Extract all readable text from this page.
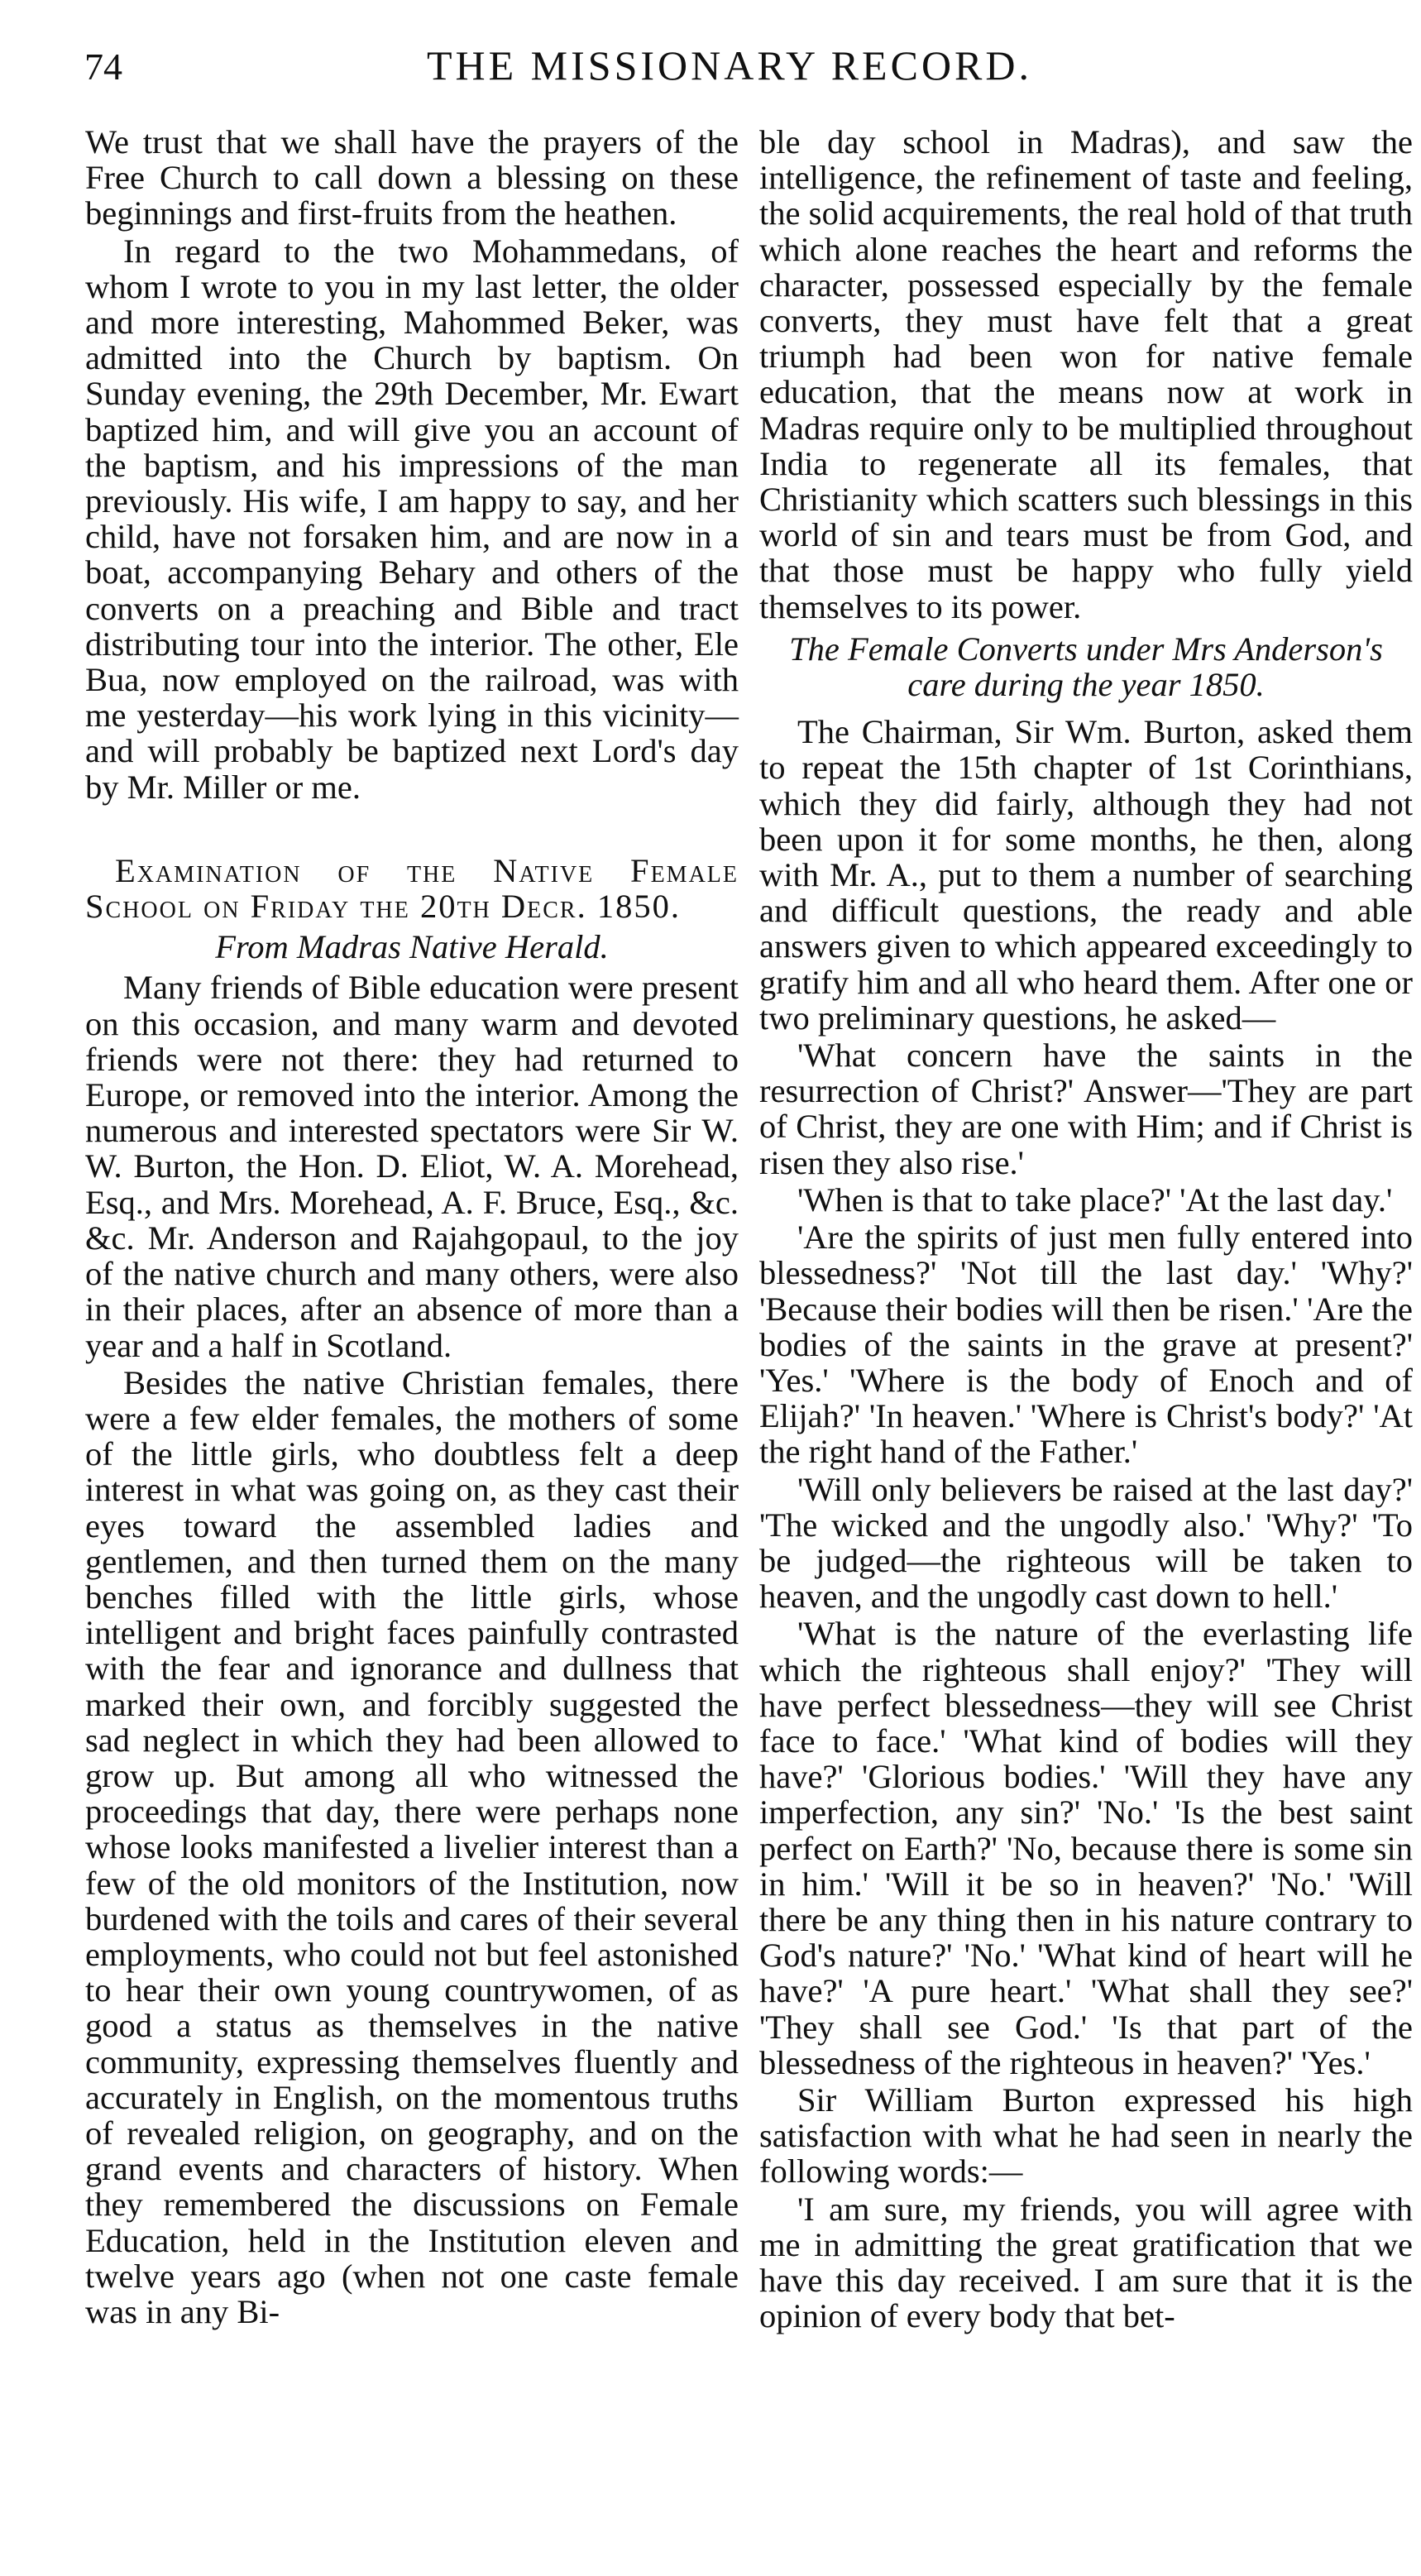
74	THE MISSIONARY RECORD.

We trust that we shall have the prayers of the Free Church to call down a blessing on these beginnings and first-fruits from the heathen.

In regard to the two Mohammedans, of whom I wrote to you in my last letter, the older and more interesting, Mahommed Beker, was admitted into the Church by baptism. On Sunday evening, the 29th December, Mr. Ewart baptized him, and will give you an account of the baptism, and his impressions of the man previously. His wife, I am happy to say, and her child, have not forsaken him, and are now in a boat, accompanying Behary and others of the converts on a preaching and Bible and tract distributing tour into the interior. The other, Ele Bua, now employed on the railroad, was with me yesterday—his work lying in this vicinity—and will probably be baptized next Lord's day by Mr. Miller or me.

Examination of the Native Female School on Friday the 20th Decr. 1850.

From Madras Native Herald.

Many friends of Bible education were present on this occasion, and many warm and devoted friends were not there: they had returned to Europe, or removed into the interior. Among the numerous and interested spectators were Sir W. W. Burton, the Hon. D. Eliot, W. A. Morehead, Esq., and Mrs. Morehead, A. F. Bruce, Esq., &c. &c. Mr. Anderson and Rajahgopaul, to the joy of the native church and many others, were also in their places, after an absence of more than a year and a half in Scotland.

Besides the native Christian females, there were a few elder females, the mothers of some of the little girls, who doubtless felt a deep interest in what was going on, as they cast their eyes toward the assembled ladies and gentlemen, and then turned them on the many benches filled with the little girls, whose intelligent and bright faces painfully contrasted with the fear and ignorance and dullness that marked their own, and forcibly suggested the sad neglect in which they had been allowed to grow up. But among all who witnessed the proceedings that day, there were perhaps none whose looks manifested a livelier interest than a few of the old monitors of the Institution, now burdened with the toils and cares of their several employments, who could not but feel astonished to hear their own young countrywomen, of as good a status as themselves in the native community, expressing themselves fluently and accurately in English, on the momentous truths of revealed religion, on geography, and on the grand events and characters of history. When they remembered the discussions on Female Education, held in the Institution eleven and twelve years ago (when not one caste female was in any Bi-

ble day school in Madras), and saw the intelligence, the refinement of taste and feeling, the solid acquirements, the real hold of that truth which alone reaches the heart and reforms the character, possessed especially by the female converts, they must have felt that a great triumph had been won for native female education, that the means now at work in Madras require only to be multiplied throughout India to regenerate all its females, that Christianity which scatters such blessings in this world of sin and tears must be from God, and that those must be happy who fully yield themselves to its power.

The Female Converts under Mrs Anderson's care during the year 1850.

The Chairman, Sir Wm. Burton, asked them to repeat the 15th chapter of 1st Corinthians, which they did fairly, although they had not been upon it for some months, he then, along with Mr. A., put to them a number of searching and difficult questions, the ready and able answers given to which appeared exceedingly to gratify him and all who heard them. After one or two preliminary questions, he asked—

'What concern have the saints in the resurrection of Christ?' Answer—'They are part of Christ, they are one with Him; and if Christ is risen they also rise.'

'When is that to take place?' 'At the last day.'

'Are the spirits of just men fully entered into blessedness?' 'Not till the last day.' 'Why?' 'Because their bodies will then be risen.' 'Are the bodies of the saints in the grave at present?' 'Yes.' 'Where is the body of Enoch and of Elijah?' 'In heaven.' 'Where is Christ's body?' 'At the right hand of the Father.'

'Will only believers be raised at the last day?' 'The wicked and the ungodly also.' 'Why?' 'To be judged—the righteous will be taken to heaven, and the ungodly cast down to hell.'

'What is the nature of the everlasting life which the righteous shall enjoy?' 'They will have perfect blessedness—they will see Christ face to face.' 'What kind of bodies will they have?' 'Glorious bodies.' 'Will they have any imperfection, any sin?' 'No.' 'Is the best saint perfect on Earth?' 'No, because there is some sin in him.' 'Will it be so in heaven?' 'No.' 'Will there be any thing then in his nature contrary to God's nature?' 'No.' 'What kind of heart will he have?' 'A pure heart.' 'What shall they see?' 'They shall see God.' 'Is that part of the blessedness of the righteous in heaven?' 'Yes.'

Sir William Burton expressed his high satisfaction with what he had seen in nearly the following words:—

'I am sure, my friends, you will agree with me in admitting the great gratification that we have this day received. I am sure that it is the opinion of every body that bet-
